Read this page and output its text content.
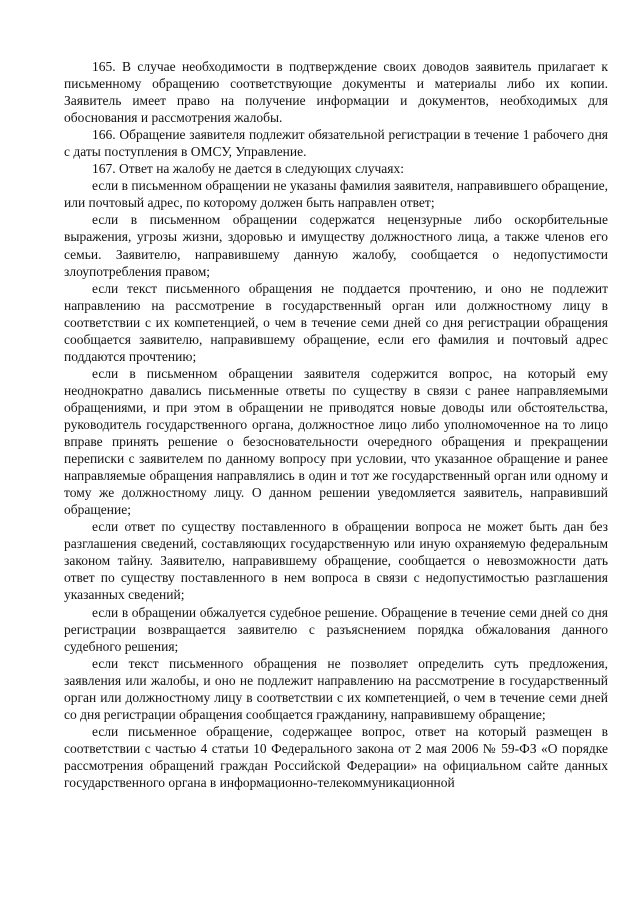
165. В случае необходимости в подтверждение своих доводов заявитель прилагает к письменному обращению соответствующие документы и материалы либо их копии. Заявитель имеет право на получение информации и документов, необходимых для обоснования и рассмотрения жалобы.

166. Обращение заявителя подлежит обязательной регистрации в течение 1 рабочего дня с даты поступления в ОМСУ, Управление.

167. Ответ на жалобу не дается в следующих случаях:

если в письменном обращении не указаны фамилия заявителя, направившего обращение, или почтовый адрес, по которому должен быть направлен ответ;

если в письменном обращении содержатся нецензурные либо оскорбительные выражения, угрозы жизни, здоровью и имуществу должностного лица, а также членов его семьи. Заявителю, направившему данную жалобу, сообщается о недопустимости злоупотребления правом;

если текст письменного обращения не поддается прочтению, и оно не подлежит направлению на рассмотрение в государственный орган или должностному лицу в соответствии с их компетенцией, о чем в течение семи дней со дня регистрации обращения сообщается заявителю, направившему обращение, если его фамилия и почтовый адрес поддаются прочтению;

если в письменном обращении заявителя содержится вопрос, на который ему неоднократно давались письменные ответы по существу в связи с ранее направляемыми обращениями, и при этом в обращении не приводятся новые доводы или обстоятельства, руководитель государственного органа, должностное лицо либо уполномоченное на то лицо вправе принять решение о безосновательности очередного обращения и прекращении переписки с заявителем по данному вопросу при условии, что указанное обращение и ранее направляемые обращения направлялись в один и тот же государственный орган или одному и тому же должностному лицу. О данном решении уведомляется заявитель, направивший обращение;

если ответ по существу поставленного в обращении вопроса не может быть дан без разглашения сведений, составляющих государственную или иную охраняемую федеральным законом тайну. Заявителю, направившему обращение, сообщается о невозможности дать ответ по существу поставленного в нем вопроса в связи с недопустимостью разглашения указанных сведений;

если в обращении обжалуется судебное решение. Обращение в течение семи дней со дня регистрации возвращается заявителю с разъяснением порядка обжалования данного судебного решения;

если текст письменного обращения не позволяет определить суть предложения, заявления или жалобы, и оно не подлежит направлению на рассмотрение в государственный орган или должностному лицу в соответствии с их компетенцией, о чем в течение семи дней со дня регистрации обращения сообщается гражданину, направившему обращение;

если письменное обращение, содержащее вопрос, ответ на который размещен в соответствии с частью 4 статьи 10 Федерального закона от 2 мая 2006 № 59-ФЗ «О порядке рассмотрения обращений граждан Российской Федерации» на официальном сайте данных государственного органа в информационно-телекоммуникационной
